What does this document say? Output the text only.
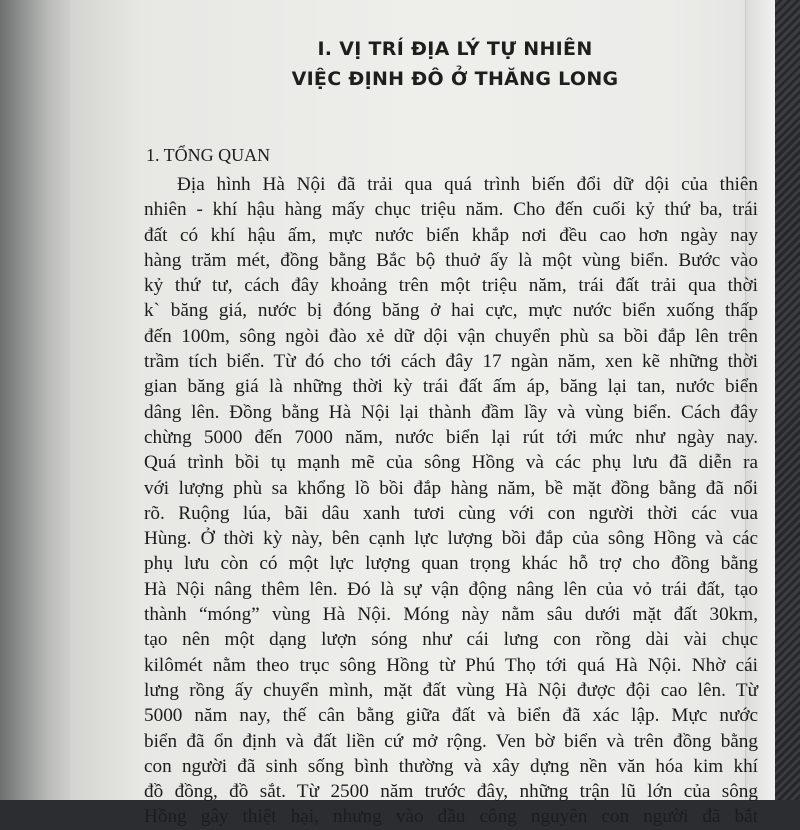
I. VỊ TRÍ ĐỊA LÝ TỰ NHIÊN
VIỆC ĐỊNH ĐÔ Ở THĂNG LONG
1. TỔNG QUAN
Địa hình Hà Nội đã trải qua quá trình biến đổi dữ dội của thiên
nhiên - khí hậu hàng mấy chục triệu năm. Cho đến cuối kỷ thứ ba, trái
đất có khí hậu ấm, mực nước biển khắp nơi đều cao hơn ngày nay
hàng trăm mét, đồng bằng Bắc bộ thuở ấy là một vùng biển. Bước vào
kỷ thứ tư, cách đây khoảng trên một triệu năm, trái đất trải qua thời
k` băng giá, nước bị đóng băng ở hai cực, mực nước biển xuống thấp
đến 100m, sông ngòi đào xẻ dữ dội vận chuyển phù sa bồi đắp lên trên
trầm tích biển. Từ đó cho tới cách đây 17 ngàn năm, xen kẽ những thời
gian băng giá là những thời kỳ trái đất ấm áp, băng lại tan, nước biển
dâng lên. Đồng bằng Hà Nội lại thành đầm lầy và vùng biển. Cách đây
chừng 5000 đến 7000 năm, nước biển lại rút tới mức như ngày nay.
Quá trình bồi tụ mạnh mẽ của sông Hồng và các phụ lưu đã diễn ra
với lượng phù sa khổng lồ bồi đắp hàng năm, bề mặt đồng bằng đã nổi
rõ. Ruộng lúa, bãi dâu xanh tươi cùng với con người thời các vua
Hùng. Ở thời kỳ này, bên cạnh lực lượng bồi đắp của sông Hồng và các
phụ lưu còn có một lực lượng quan trọng khác hỗ trợ cho đồng bằng
Hà Nội nâng thêm lên. Đó là sự vận động nâng lên của vỏ trái đất, tạo
thành “móng” vùng Hà Nội. Móng này nằm sâu dưới mặt đất 30km,
tạo nên một dạng lượn sóng như cái lưng con rồng dài vài chục
kilômét nằm theo trục sông Hồng từ Phú Thọ tới quá Hà Nội. Nhờ cái
lưng rồng ấy chuyển mình, mặt đất vùng Hà Nội được đội cao lên. Từ
5000 năm nay, thế cân bằng giữa đất và biển đã xác lập. Mực nước
biển đã ổn định và đất liền cứ mở rộng. Ven bờ biển và trên đồng bằng
con người đã sinh sống bình thường và xây dựng nền văn hóa kim khí
đồ đồng, đồ sắt. Từ 2500 năm trước đây, những trận lũ lớn của sông
Hồng gây thiệt hại, nhưng vào đầu công nguyên con người đã bắt
